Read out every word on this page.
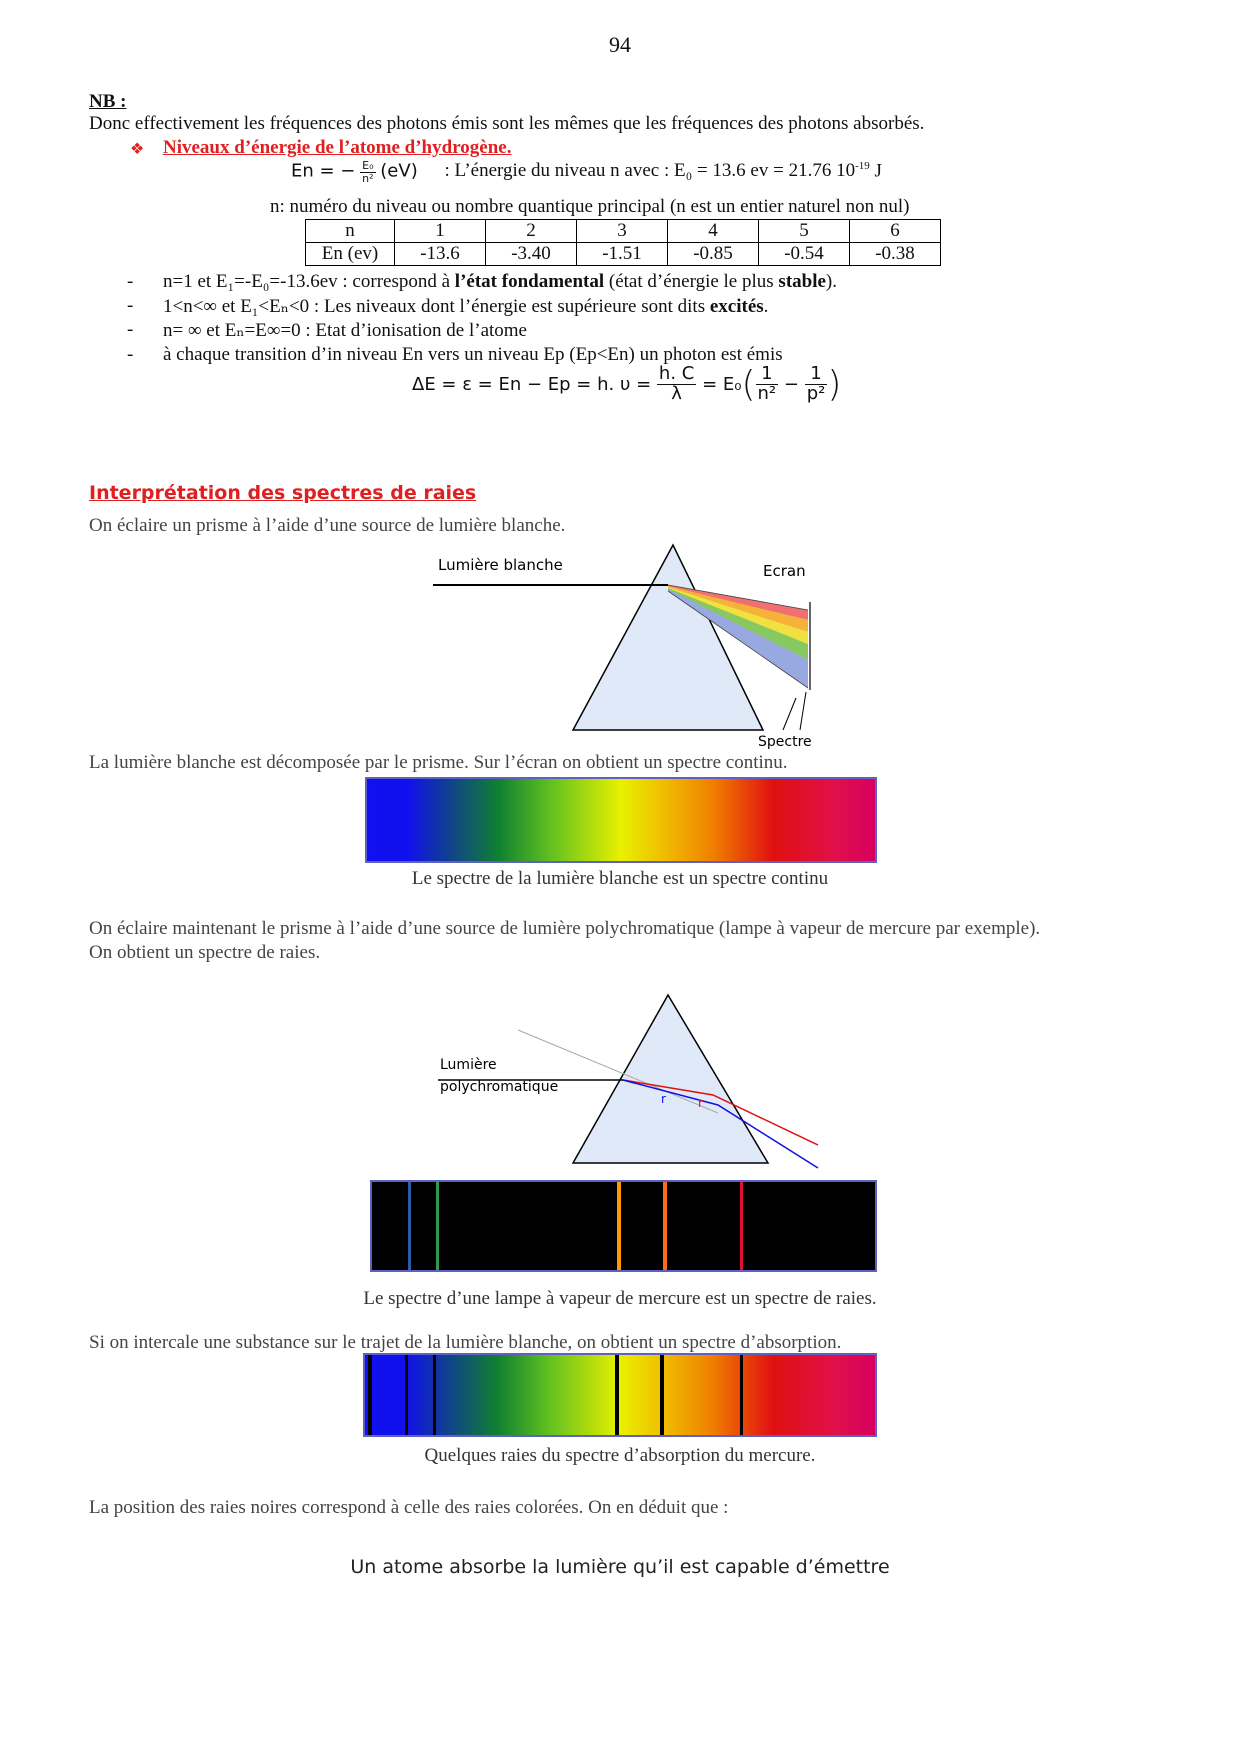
94
NB :
Donc effectivement les fréquences des photons émis sont les mêmes que les fréquences des photons absorbés.
❖ Niveaux d’énergie de l’atome d’hydrogène.
En = − $\frac{\text{E₀}}{\text{n²}} (eV)$ : L’énergie du niveau n avec : E₀ = 13.6 ev = 21.76 $10^{-19}$ J
n: numéro du niveau ou nombre quantique principal (n est un entier naturel non nul)
n	1	2	3	4	5	6
En (ev)	-13.6	-3.40	-1.51	-0.85	-0.54	-0.38
- n=1 et E₁=-E₀=-13.6ev : correspond à l’état fondamental (état d’énergie le plus stable).
- 1<n<∞ et E₁<Eₙ<0 : Les niveaux dont l’énergie est supérieure sont dits excités.
- n= ∞ et Eₙ=E∞=0 : Etat d’ionisation de l’atome
- à chaque transition d’in niveau En vers un niveau Ep (Ep<En) un photon est émis
ΔE = ε = En − Ep = h. $\upsilon = \frac{h. C}{\lambda} = E_0( \frac{1}{\text{n²}} - \frac{1}{\text{p²}}$ )
Interprétation des spectres de raies
On éclaire un prisme à l’aide d’une source de lumière blanche.
Lumière blanche	Ecran
Spectre
La lumière blanche est décomposée par le prisme. Sur l’écran on obtient un spectre continu.
Le spectre de la lumière blanche est un spectre continu
On éclaire maintenant le prisme à l’aide d’une source de lumière polychromatique (lampe à vapeur de mercure par exemple).
On obtient un spectre de raies.
Lumière
polychromatique
r	r
Le spectre d’une lampe à vapeur de mercure est un spectre de raies.
Si on intercale une substance sur le trajet de la lumière blanche, on obtient un spectre d’absorption.
Quelques raies du spectre d’absorption du mercure.
La position des raies noires correspond à celle des raies colorées. On en déduit que :
Un atome absorbe la lumière qu’il est capable d’émettre
